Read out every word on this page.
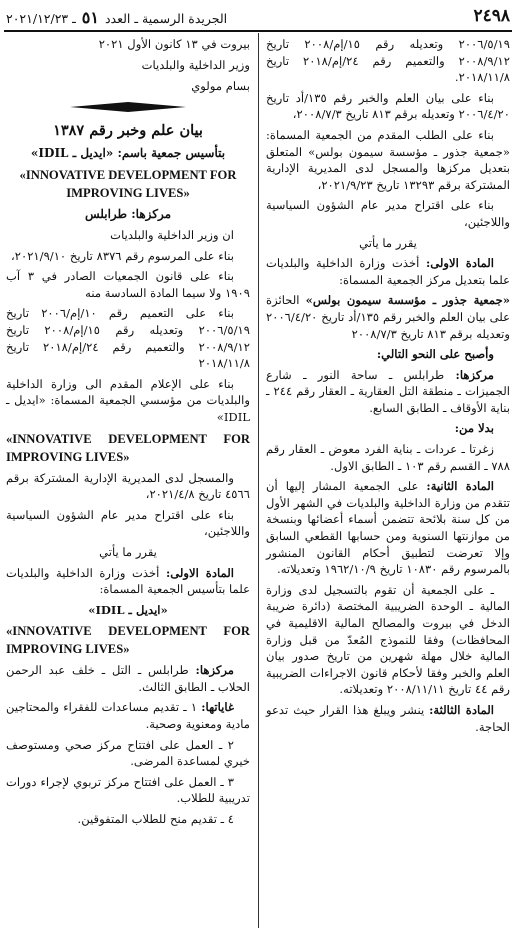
٢٤٩٨
الجريدة الرسمية ـ العدد ٥١ ـ ٢٠٢١/١٢/٢٣

٢٠٠٦/٥/١٩ وتعديله رقم ١٥/إم/٢٠٠٨ تاريخ ٢٠٠٨/٩/١٢ والتعميم رقم ٢٤/إم/٢٠١٨ تاريخ ٢٠١٨/١١/٨.

بناء على بيان العلم والخبر رقم ١٣٥/أد تاريخ ٢٠٠٦/٤/٢٠ وتعديله برقم ٨١٣ تاريخ ٢٠٠٨/٧/٣،

بناء على الطلب المقدم من الجمعية المسماة: «جمعية جذور ـ مؤسسة سيمون بولس» المتعلق بتعديل مركزها والمسجل لدى المديرية الإدارية المشتركة برقم ١٣٢٩٣ تاريخ ٢٠٢١/٩/٢٣،

بناء على اقتراح مدير عام الشؤون السياسية واللاجئين،

يقرر ما يأتي

المادة الاولى: أخذت وزارة الداخلية والبلديات علما بتعديل مركز الجمعية المسماة:

«جمعية جذور ـ مؤسسة سيمون بولس» الحائزة على بيان العلم والخبر رقم ١٣٥/أد تاريخ ٢٠٠٦/٤/٢٠ وتعديله برقم ٨١٣ تاريخ ٢٠٠٨/٧/٣

وأصبح على النحو التالي:

مركزها: طرابلس ـ ساحة النور ـ شارع الجميزات ـ منطقة التل العقارية ـ العقار رقم ٢٤٤ ـ بناية الأوقاف ـ الطابق السابع.

بدلا من:

زغرتا ـ عردات ـ بناية الفرد معوض ـ العقار رقم ٧٨٨ ـ القسم رقم ١٠٣ ـ الطابق الاول.

المادة الثانية: على الجمعية المشار إليها أن تتقدم من وزارة الداخلية والبلديات في الشهر الأول من كل سنة بلائحة تتضمن أسماء أعضائها وبنسخة من موازنتها السنوية ومن حسابها القطعي السابق وإلا تعرضت لتطبيق أحكام القانون المنشور بالمرسوم رقم ١٠٨٣٠ تاريخ ١٩٦٢/١٠/٩ وتعديلاته.

ـ على الجمعية أن تقوم بالتسجيل لدى وزارة المالية ـ الوحدة الضريبية المختصة (دائرة ضريبة الدخل في بيروت والمصالح المالية الاقليمية في المحافظات) وفقا للنموذج المُعدّ من قبل وزارة المالية خلال مهلة شهرين من تاريخ صدور بيان العلم والخبر وفقا لأحكام قانون الاجراءات الضريبية رقم ٤٤ تاريخ ٢٠٠٨/١١/١١ وتعديلاته.

المادة الثالثة: ينشر ويبلغ هذا القرار حيث تدعو الحاجة.

بيروت في ١٣ كانون الأول ٢٠٢١

وزير الداخلية والبلديات

بسام مولوي

بيان علم وخبر رقم ١٣٨٧

بتأسيس جمعية باسم: «ايديل ـ IDIL»

«INNOVATIVE DEVELOPMENT FOR IMPROVING LIVES»

مركزها: طرابلس

ان وزير الداخلية والبلديات

بناء على المرسوم رقم ٨٣٧٦ تاريخ ٢٠٢١/٩/١٠،

بناء على قانون الجمعيات الصادر في ٣ آب ١٩٠٩ ولا سيما المادة السادسة منه

بناء على التعميم رقم ١٠/إم/٢٠٠٦ تاريخ ٢٠٠٦/٥/١٩ وتعديله رقم ١٥/إم/٢٠٠٨ تاريخ ٢٠٠٨/٩/١٢ والتعميم رقم ٢٤/إم/٢٠١٨ تاريخ ٢٠١٨/١١/٨

بناء على الإعلام المقدم الى وزارة الداخلية والبلديات من مؤسسي الجمعية المسماة: «ايديل ـ IDIL»

«INNOVATIVE DEVELOPMENT FOR IMPROVING LIVES»

والمسجل لدى المديرية الإدارية المشتركة برقم ٤٥٦٦ تاريخ ٢٠٢١/٤/٨،

بناء على اقتراح مدير عام الشؤون السياسية واللاجئين،

يقرر ما يأتي

المادة الاولى: أخذت وزارة الداخلية والبلديات علما بتأسيس الجمعية المسماة:

«ايديل ـ IDIL»

«INNOVATIVE DEVELOPMENT FOR IMPROVING LIVES»

مركزها: طرابلس ـ التل ـ خلف عبد الرحمن الحلاب ـ الطابق الثالث.

غاياتها: ١ ـ تقديم مساعدات للفقراء والمحتاجين مادية ومعنوية وصحية.

٢ ـ العمل على افتتاح مركز صحي ومستوصف خيري لمساعدة المرضى.

٣ ـ العمل على افتتاح مركز تربوي لإجراء دورات تدريبية للطلاب.

٤ ـ تقديم منح للطلاب المتفوقين.
